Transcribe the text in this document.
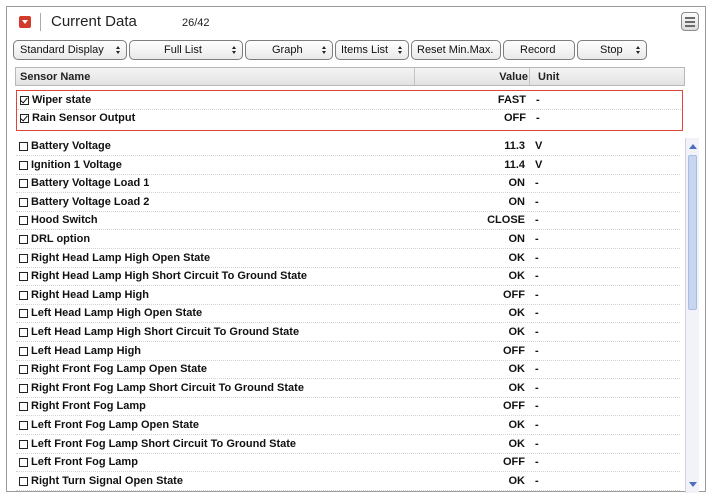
Current Data	26/42
Standard Display	Full List	Graph	Items List	Reset Min.Max. Record	Stop
Sensor Name	Value Unit
Wiper state	FAST -
Rain Sensor Output	OFF -
Battery Voltage	11.3 V
Ignition 1 Voltage	11.4 V
Battery Voltage Load 1	ON -
Battery Voltage Load 2	ON -
Hood Switch	CLOSE -
DRL option	ON -
Right Head Lamp High Open State	OK -
Right Head Lamp High Short Circuit To Ground State	OK -
Right Head Lamp High	OFF -
Left Head Lamp High Open State	OK -
Left Head Lamp High Short Circuit To Ground State	OK -
Left Head Lamp High	OFF -
Right Front Fog Lamp Open State	OK -
Right Front Fog Lamp Short Circuit To Ground State	OK -
Right Front Fog Lamp	OFF -
Left Front Fog Lamp Open State	OK -
Left Front Fog Lamp Short Circuit To Ground State	OK -
Left Front Fog Lamp	OFF -
Right Turn Signal Open State	OK -
